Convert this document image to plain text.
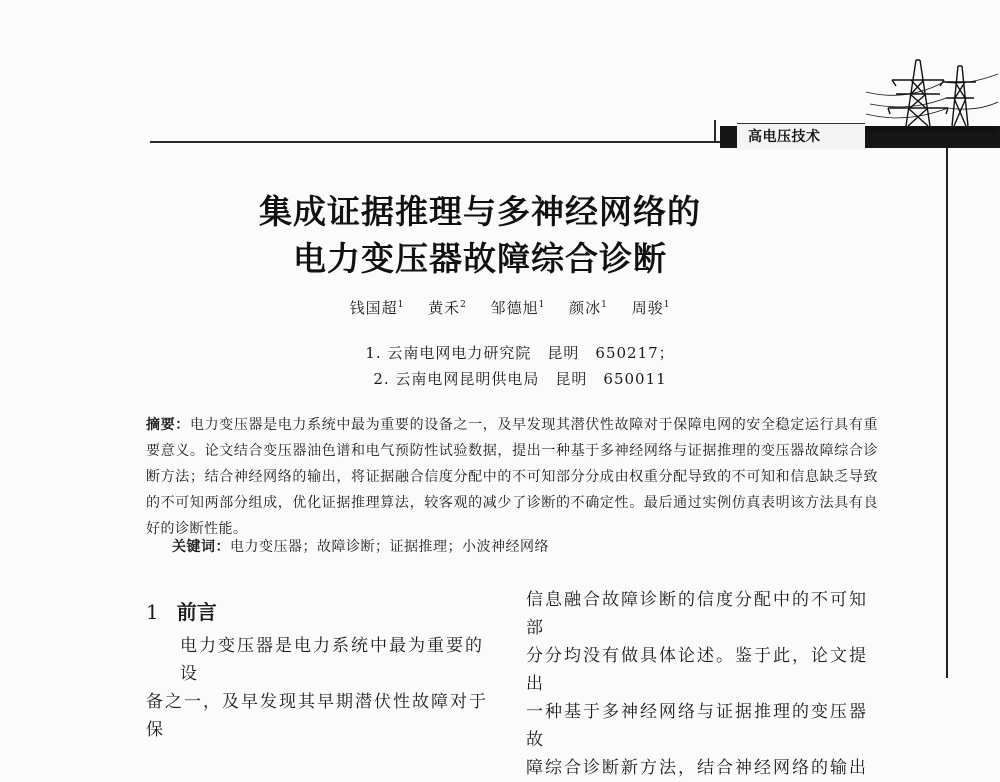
高电压技术
集成证据推理与多神经网络的
电力变压器故障综合诊断
钱国超$^1$ 黄禾$^2$ 邹德旭$^1$ 颜冰$^1$ 周骏$^1$
1. 云南电网电力研究院　昆明　650217；
2. 云南电网昆明供电局　昆明　650011
摘要：电力变压器是电力系统中最为重要的设备之一，及早发现其潜伏性故障对于保障电网的安全稳定运行具有重要意义。论文结合变压器油色谱和电气预防性试验数据，提出一种基于多神经网络与证据推理的变压器故障综合诊断方法；结合神经网络的输出，将证据融合信度分配中的不可知部分分成由权重分配导致的不可知和信息缺乏导致的不可知两部分组成，优化证据推理算法，较客观的减少了诊断的不确定性。最后通过实例仿真表明该方法具有良好的诊断性能。
关键词：电力变压器；故障诊断；证据推理；小波神经网络
1 前言
电力变压器是电力系统中最为重要的设
备之一，及早发现其早期潜伏性故障对于保
信息融合故障诊断的信度分配中的不可知部
分分均没有做具体论述。鉴于此，论文提出
一种基于多神经网络与证据推理的变压器故
障综合诊断新方法，结合神经网络的输出
